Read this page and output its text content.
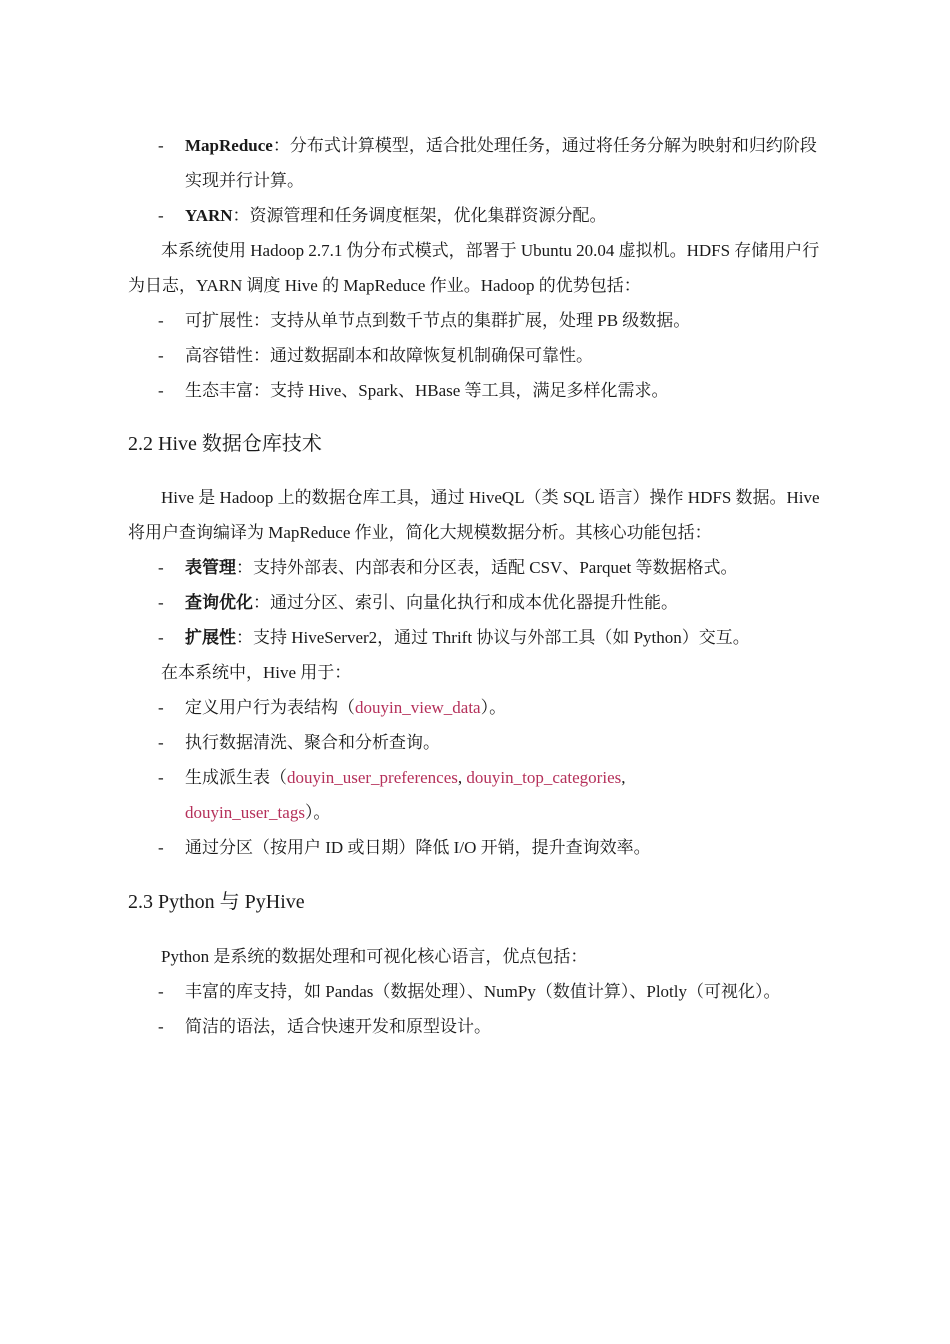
- MapReduce：分布式计算模型，适合批处理任务，通过将任务分解为映射和归约阶段实现并行计算。
- YARN：资源管理和任务调度框架，优化集群资源分配。
本系统使用 Hadoop 2.7.1 伪分布式模式，部署于 Ubuntu 20.04 虚拟机。HDFS 存储用户行为日志，YARN 调度 Hive 的 MapReduce 作业。Hadoop 的优势包括：
- 可扩展性：支持从单节点到数千节点的集群扩展，处理 PB 级数据。
- 高容错性：通过数据副本和故障恢复机制确保可靠性。
- 生态丰富：支持 Hive、Spark、HBase 等工具，满足多样化需求。
2.2 Hive 数据仓库技术
Hive 是 Hadoop 上的数据仓库工具，通过 HiveQL（类 SQL 语言）操作 HDFS 数据。Hive 将用户查询编译为 MapReduce 作业，简化大规模数据分析。其核心功能包括：
- 表管理：支持外部表、内部表和分区表，适配 CSV、Parquet 等数据格式。
- 查询优化：通过分区、索引、向量化执行和成本优化器提升性能。
- 扩展性：支持 HiveServer2，通过 Thrift 协议与外部工具（如 Python）交互。
在本系统中，Hive 用于：
- 定义用户行为表结构（douyin_view_data）。
- 执行数据清洗、聚合和分析查询。
- 生成派生表（douyin_user_preferences, douyin_top_categories,
douyin_user_tags）。
- 通过分区（按用户 ID 或日期）降低 I/O 开销，提升查询效率。
2.3 Python 与 PyHive
Python 是系统的数据处理和可视化核心语言，优点包括：
- 丰富的库支持，如 Pandas（数据处理）、NumPy（数值计算）、Plotly（可视化）。
- 简洁的语法，适合快速开发和原型设计。
